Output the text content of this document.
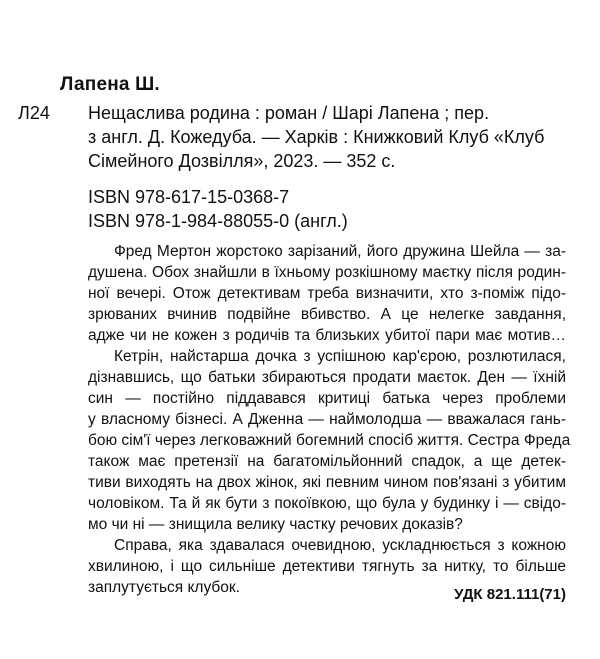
Лапена Ш.
Л24 Нещаслива родина : роман / Шарі Лапена ; пер.
з англ. Д. Кожедуба. — Харків : Книжковий Клуб «Клуб
Сімейного Дозвілля», 2023. — 352 с.
ISBN 978-617-15-0368-7
ISBN 978-1-984-88055-0 (англ.)
Фред Мертон жорстоко зарізаний, його дружина Шейла — за-
душена. Обох знайшли в їхньому розкішному маєтку після родин-
ної вечері. Отож детективам треба визначити, хто з-поміж підо-
зрюваних вчинив подвійне вбивство. А це нелегке завдання,
адже чи не кожен з родичів та близьких убитої пари має мотив…
Кетрін, найстарша дочка з успішною кар'єрою, розлютилася,
дізнавшись, що батьки збираються продати маєток. Ден — їхній
син — постійно піддавався критиці батька через проблеми
у власному бізнесі. А Дженна — наймолодша — вважалася гань-
бою сім'ї через легковажний богемний спосіб життя. Сестра Фреда
також має претензії на багатомільйонний спадок, а ще детек-
тиви виходять на двох жінок, які певним чином пов'язані з убитим
чоловіком. Та й як бути з покоївкою, що була у будинку і — свідо-
мо чи ні — знищила велику частку речових доказів?
Справа, яка здавалася очевидною, ускладнюється з кожною
хвилиною, і що сильніше детективи тягнуть за нитку, то більше
заплутується клубок.	УДК 821.111(71)
